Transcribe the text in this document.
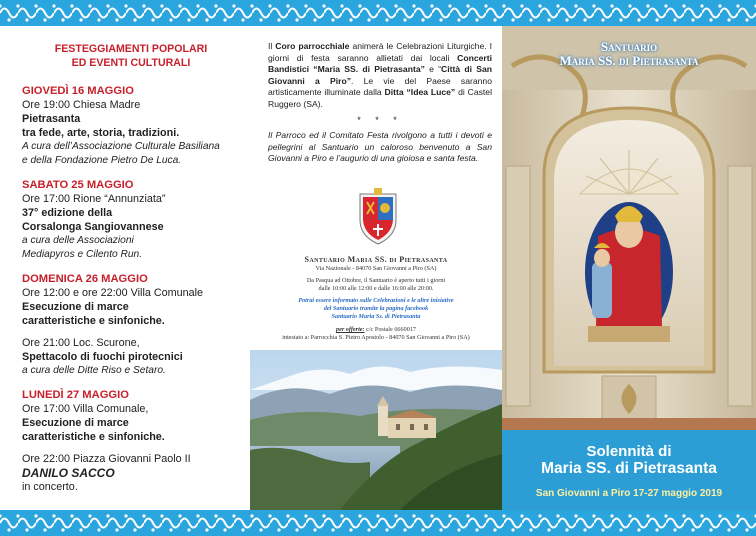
FESTEGGIAMENTI POPOLARI
ED EVENTI CULTURALI
GIOVEDÌ 16 MAGGIO
Ore 19:00 Chiesa Madre
Pietrasanta
tra fede, arte, storia, tradizioni.
A cura dell’Associazione Culturale Basiliana
e della Fondazione Pietro De Luca.
SABATO 25 MAGGIO
Ore 17:00 Rione “Annunziata”
37° edizione della
Corsalonga Sangiovannese
a cura delle Associazioni
Mediapyros e Cilento Run.
DOMENICA 26 MAGGIO
Ore 12:00 e ore 22:00 Villa Comunale
Esecuzione di marce
caratteristiche e sinfoniche.
Ore 21:00 Loc. Scurone,
Spettacolo di fuochi pirotecnici
a cura delle Ditte Riso e Setaro.
LUNEDÌ 27 MAGGIO
Ore 17:00 Villa Comunale,
Esecuzione di marce
caratteristiche e sinfoniche.
Ore 22:00 Piazza Giovanni Paolo II
DANILO SACCO
in concerto.

Il Coro parrocchiale animerà le Celebrazioni Liturgiche. I giorni di festa saranno allietati dai locali Concerti Bandistici “Maria SS. di Pietrasanta” e “Città di San Giovanni a Piro”. Le vie del Paese saranno artisticamente illuminate dalla Ditta “Idea Luce” di Castel Ruggero (SA).

* * *

Il Parroco ed il Comitato Festa rivolgono a tutti i devoti e pellegrini al Santuario un caloroso benvenuto a San Giovanni a Piro e l’augurio di una gioiosa e santa festa.

Santuario Maria SS. di Pietrasanta
Via Nazionale - 84070 San Giovanni a Piro (SA)
Da Pasqua ad Ottobre, il Santuario è aperto tutti i giorni
dalle 10:00 alle 12:00 e dalle 16:00 alle 20:00.
Potrai essere informato sulle Celebrazioni e le altre iniziative
del Santuario tramite la pagina facebook
Santuario Maria Ss. di Pietrasanta
per offerte: c/c Postale 6660017
intestato a: Parrocchia S. Pietro Apostolo - 84070 San Giovanni a Piro (SA)
Santuario
Maria SS. di Pietrasanta
Solennità di
Maria SS. di Pietrasanta
San Giovanni a Piro 17-27 maggio 2019
